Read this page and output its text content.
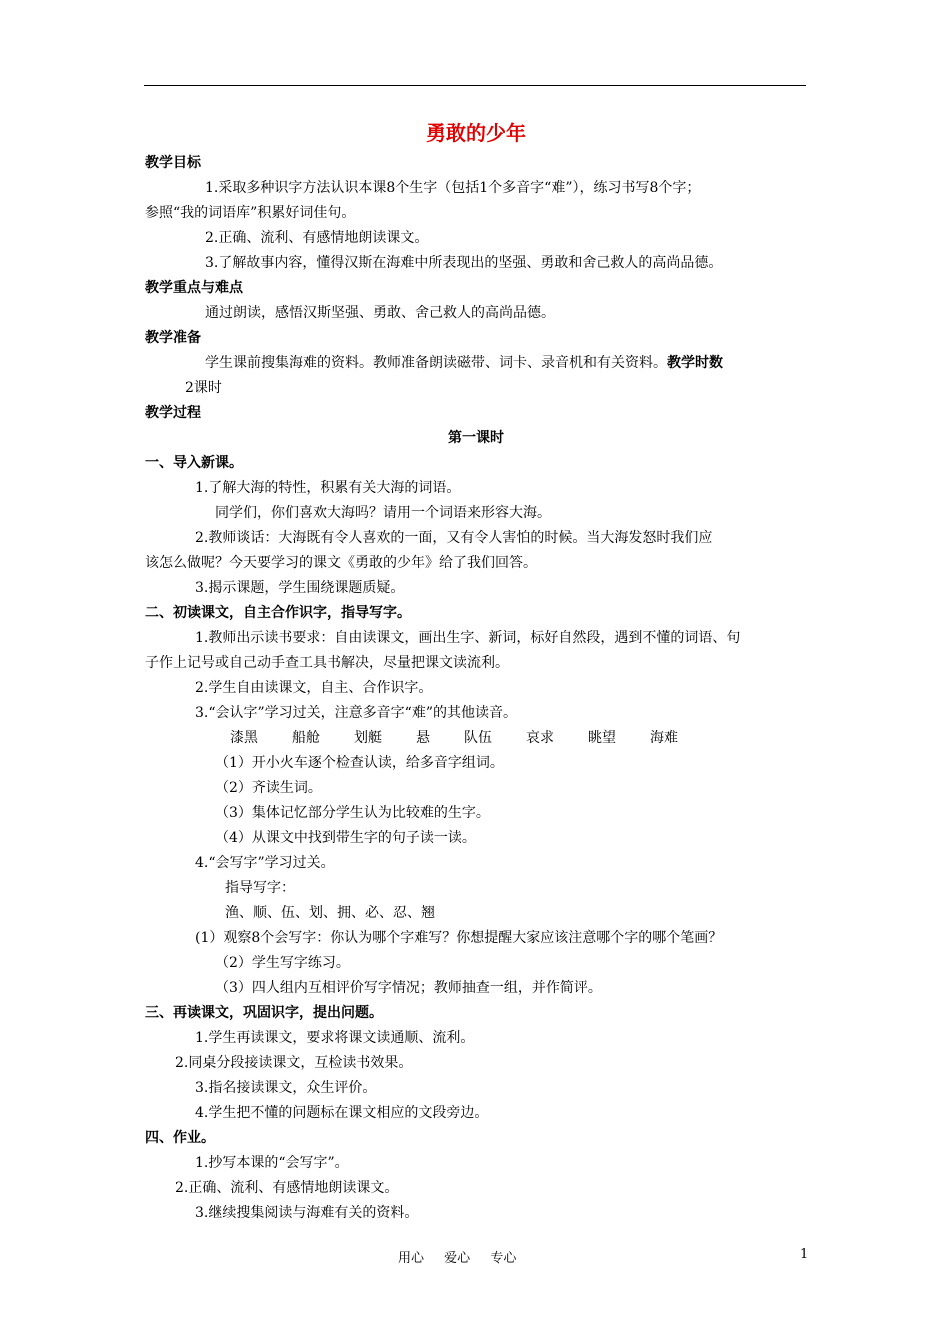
勇敢的少年
教学目标
1.采取多种识字方法认识本课8个生字（包括1个多音字“难”），练习书写8个字；
参照“我的词语库”积累好词佳句。
2.正确、流利、有感情地朗读课文。
3.了解故事内容，懂得汉斯在海难中所表现出的坚强、勇敢和舍己救人的高尚品德。
教学重点与难点
通过朗读，感悟汉斯坚强、勇敢、舍己救人的高尚品德。
教学准备
学生课前搜集海难的资料。教师准备朗读磁带、词卡、录音机和有关资料。教学时数
2课时
教学过程
第一课时
一、导入新课。
1.了解大海的特性，积累有关大海的词语。
同学们，你们喜欢大海吗？请用一个词语来形容大海。
2.教师谈话：大海既有令人喜欢的一面，又有令人害怕的时候。当大海发怒时我们应
该怎么做呢？今天要学习的课文《勇敢的少年》给了我们回答。
3.揭示课题，学生围绕课题质疑。
二、初读课文，自主合作识字，指导写字。
1.教师出示读书要求：自由读课文，画出生字、新词，标好自然段，遇到不懂的词语、句
子作上记号或自己动手查工具书解决，尽量把课文读流利。
2.学生自由读课文，自主、合作识字。
3.“会认字”学习过关，注意多音字“难”的其他读音。
漆黑 船舱 划艇 悬 队伍 哀求 眺望 海难
（1）开小火车逐个检查认读，给多音字组词。
（2）齐读生词。
（3）集体记忆部分学生认为比较难的生字。
（4）从课文中找到带生字的句子读一读。
4.“会写字”学习过关。
指导写字：
渔、顺、伍、划、拥、必、忍、翘
(1）观察8个会写字：你认为哪个字难写？你想提醒大家应该注意哪个字的哪个笔画？
（2）学生写字练习。
（3）四人组内互相评价写字情况；教师抽查一组，并作简评。
三、再读课文，巩固识字，提出问题。
1.学生再读课文，要求将课文读通顺、流利。
2.同桌分段接读课文，互检读书效果。
3.指名接读课文，众生评价。
4.学生把不懂的问题标在课文相应的文段旁边。
四、作业。
1.抄写本课的“会写字”。
2.正确、流利、有感情地朗读课文。
3.继续搜集阅读与海难有关的资料。
用心 爱心 专心	1
